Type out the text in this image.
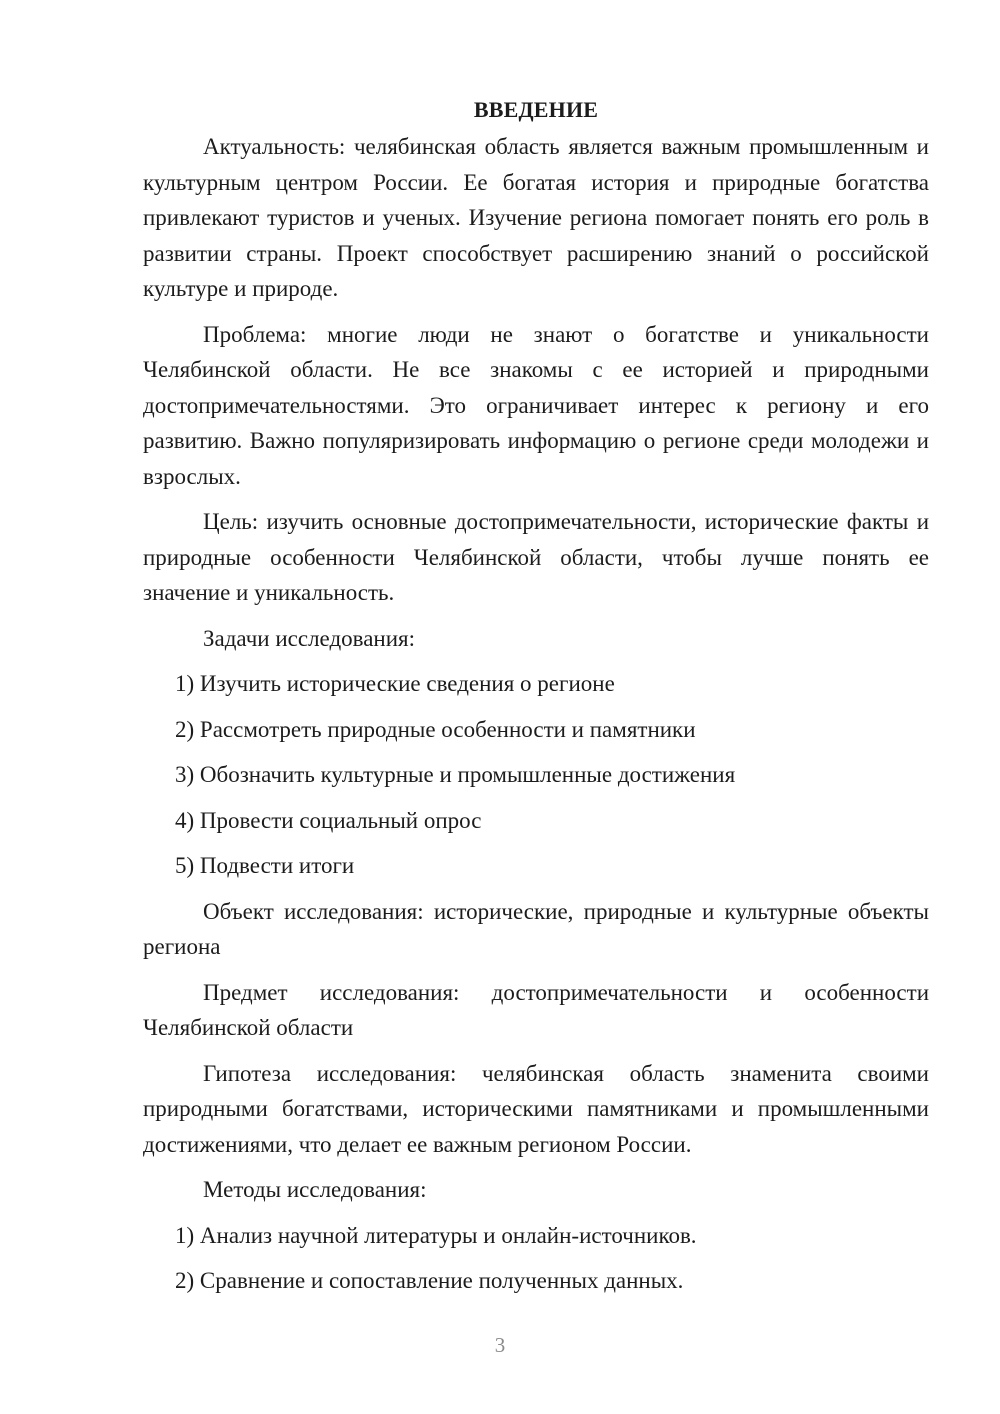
ВВЕДЕНИЕ

Актуальность: челябинская область является важным промышленным и культурным центром России. Ее богатая история и природные богатства привлекают туристов и ученых. Изучение региона помогает понять его роль в развитии страны. Проект способствует расширению знаний о российской культуре и природе.

Проблема: многие люди не знают о богатстве и уникальности Челябинской области. Не все знакомы с ее историей и природными достопримечательностями. Это ограничивает интерес к региону и его развитию. Важно популяризировать информацию о регионе среди молодежи и взрослых.

Цель: изучить основные достопримечательности, исторические факты и природные особенности Челябинской области, чтобы лучше понять ее значение и уникальность.

Задачи исследования:

1) Изучить исторические сведения о регионе
2) Рассмотреть природные особенности и памятники
3) Обозначить культурные и промышленные достижения
4) Провести социальный опрос
5) Подвести итоги

Объект исследования: исторические, природные и культурные объекты региона

Предмет исследования: достопримечательности и особенности Челябинской области

Гипотеза исследования: челябинская область знаменита своими природными богатствами, историческими памятниками и промышленными достижениями, что делает ее важным регионом России.

Методы исследования:

1) Анализ научной литературы и онлайн-источников.
2) Сравнение и сопоставление полученных данных.
3
